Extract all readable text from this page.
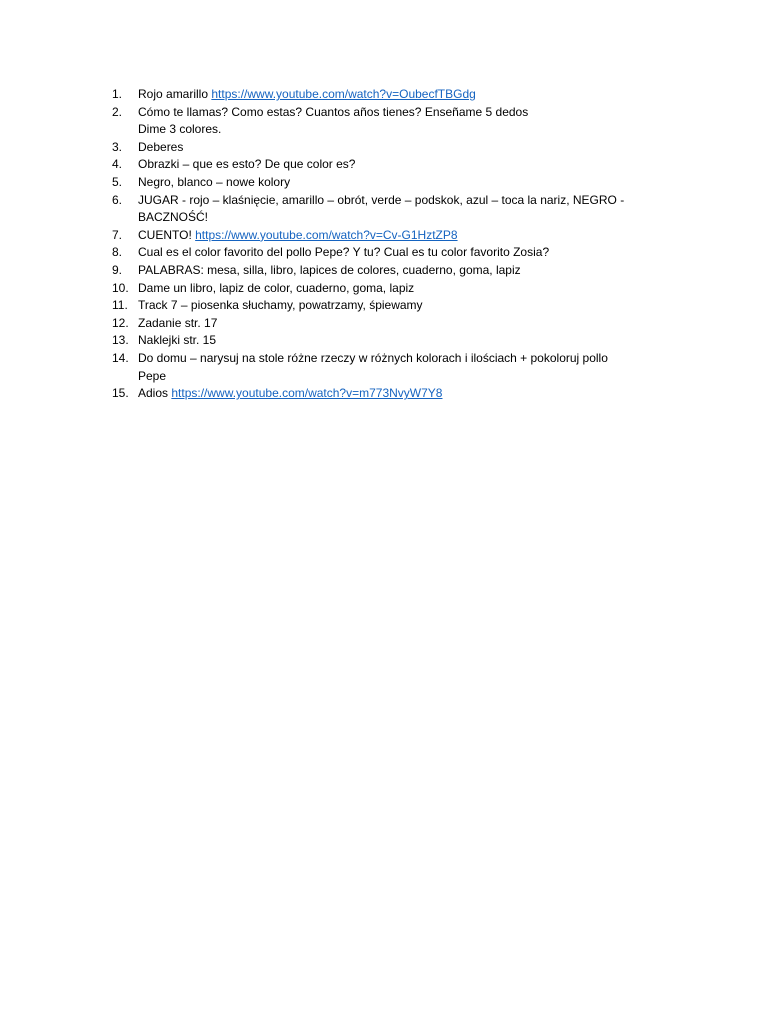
1.	Rojo amarillo https://www.youtube.com/watch?v=OubecfTBGdg
2.	Cómo te llamas? Como estas? Cuantos años tienes? Enseñame 5 dedos
Dime 3 colores.
3.	Deberes
4.	Obrazki – que es esto? De que color es?
5.	Negro, blanco – nowe kolory
6.	JUGAR - rojo – klaśnięcie, amarillo – obrót, verde – podskok, azul – toca la nariz, NEGRO -
BACZNOŚĆ!
7.	CUENTO! https://www.youtube.com/watch?v=Cv-G1HztZP8
8.	Cual es el color favorito del pollo Pepe? Y tu? Cual es tu color favorito Zosia?
9.	PALABRAS: mesa, silla, libro, lapices de colores, cuaderno, goma, lapiz
10. Dame un libro, lapiz de color, cuaderno, goma, lapiz
11. Track 7 – piosenka słuchamy, powatrzamy, śpiewamy
12. Zadanie str. 17
13. Naklejki str. 15
14. Do domu – narysuj na stole różne rzeczy w różnych kolorach i ilościach + pokoloruj pollo
Pepe
15. Adios https://www.youtube.com/watch?v=m773NvyW7Y8
